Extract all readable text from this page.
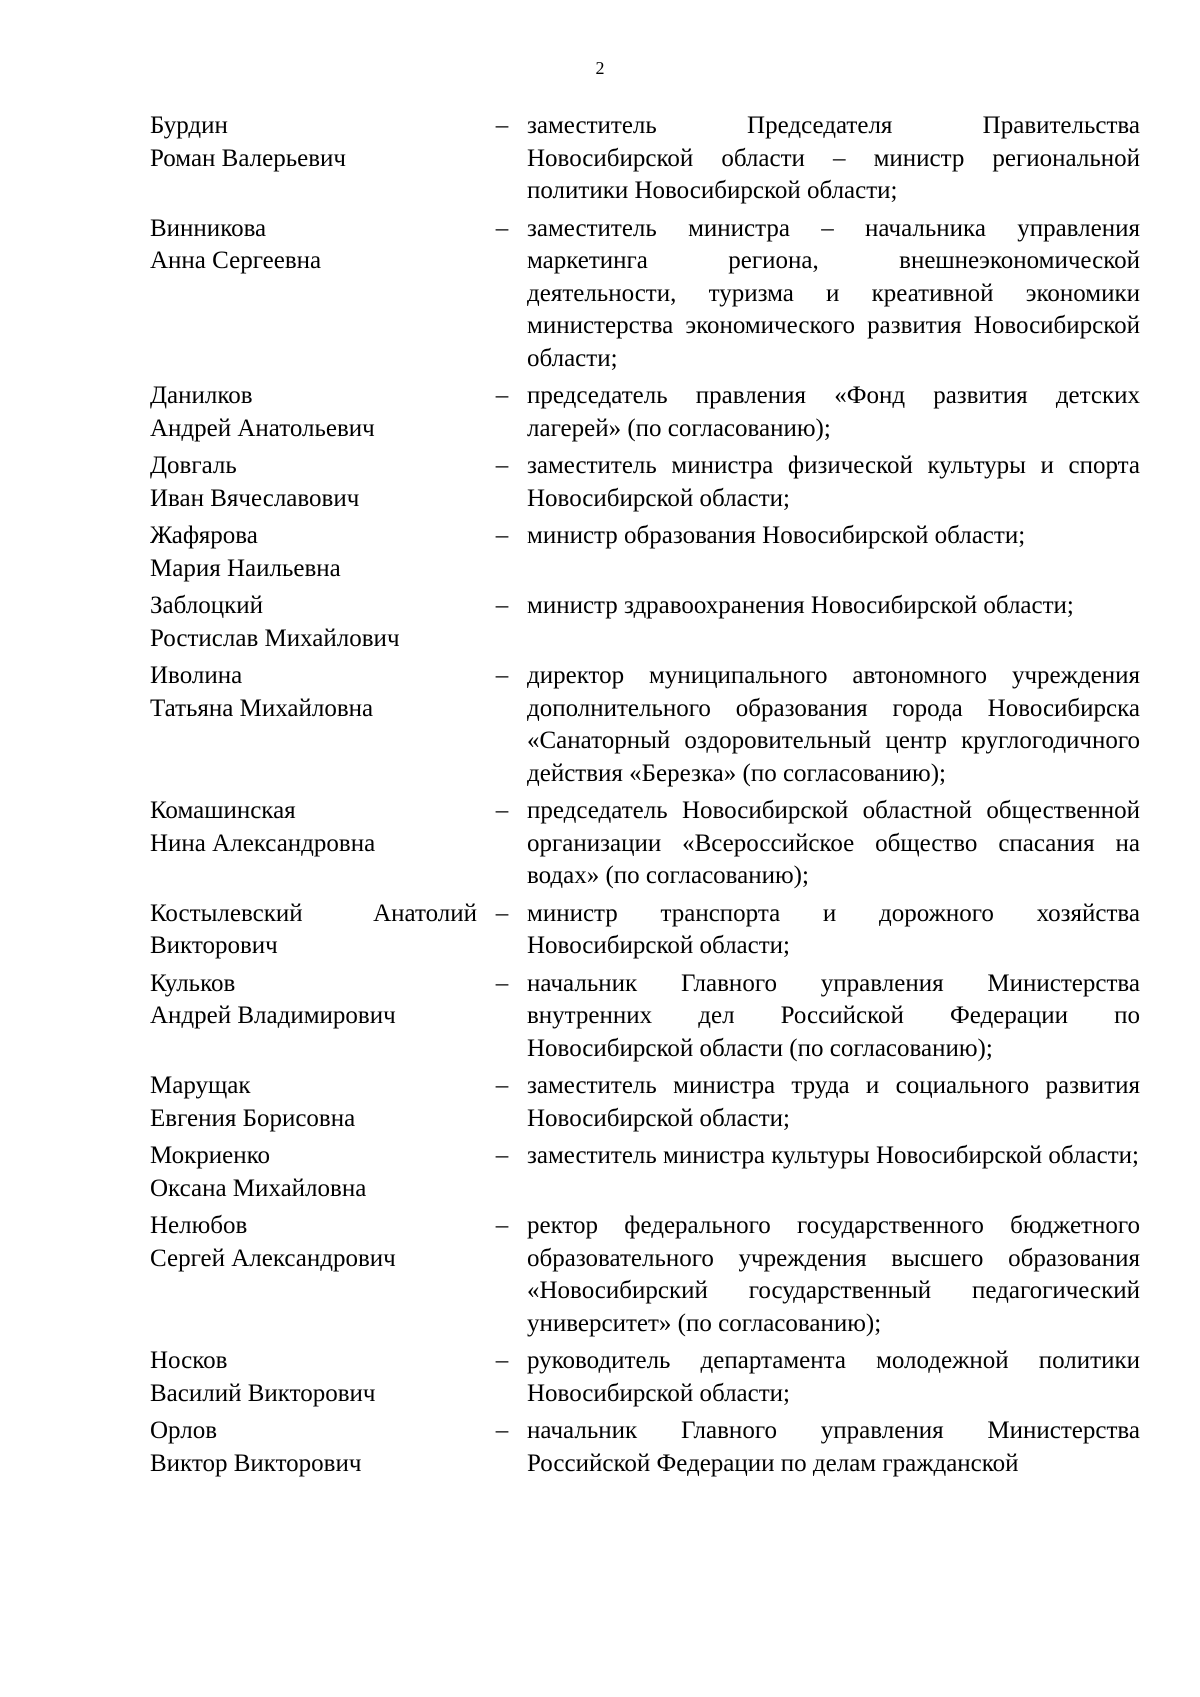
2
Бурдин
Роман Валерьевич
– заместитель Председателя Правительства Новосибирской области – министр региональной политики Новосибирской области;
Винникова
Анна Сергеевна
– заместитель министра – начальника управления маркетинга региона, внешнеэкономической деятельности, туризма и креативной экономики министерства экономического развития Новосибирской области;
Данилков
Андрей Анатольевич
– председатель правления «Фонд развития детских лагерей» (по согласованию);
Довгаль
Иван Вячеславович
– заместитель министра физической культуры и спорта Новосибирской области;
Жафярова
Мария Наильевна
– министр образования Новосибирской области;
Заблоцкий
Ростислав Михайлович
– министр здравоохранения Новосибирской области;
Иволина
Татьяна Михайловна
– директор муниципального автономного учреждения дополнительного образования города Новосибирска «Санаторный оздоровительный центр круглогодичного действия «Березка» (по согласованию);
Комашинская
Нина Александровна
– председатель Новосибирской областной общественной организации «Всероссийское общество спасания на водах» (по согласованию);
Костылевский Анатолий
Викторович
– министр транспорта и дорожного хозяйства Новосибирской области;
Кульков
Андрей Владимирович
– начальник Главного управления Министерства внутренних дел Российской Федерации по Новосибирской области (по согласованию);
Марущак
Евгения Борисовна
– заместитель министра труда и социального развития Новосибирской области;
Мокриенко
Оксана Михайловна
– заместитель министра культуры Новосибирской области;
Нелюбов
Сергей Александрович
– ректор федерального государственного бюджетного образовательного учреждения высшего образования «Новосибирский государственный педагогический университет» (по согласованию);
Носков
Василий Викторович
– руководитель департамента молодежной политики Новосибирской области;
Орлов
Виктор Викторович
– начальник Главного управления Министерства Российской Федерации по делам гражданской
